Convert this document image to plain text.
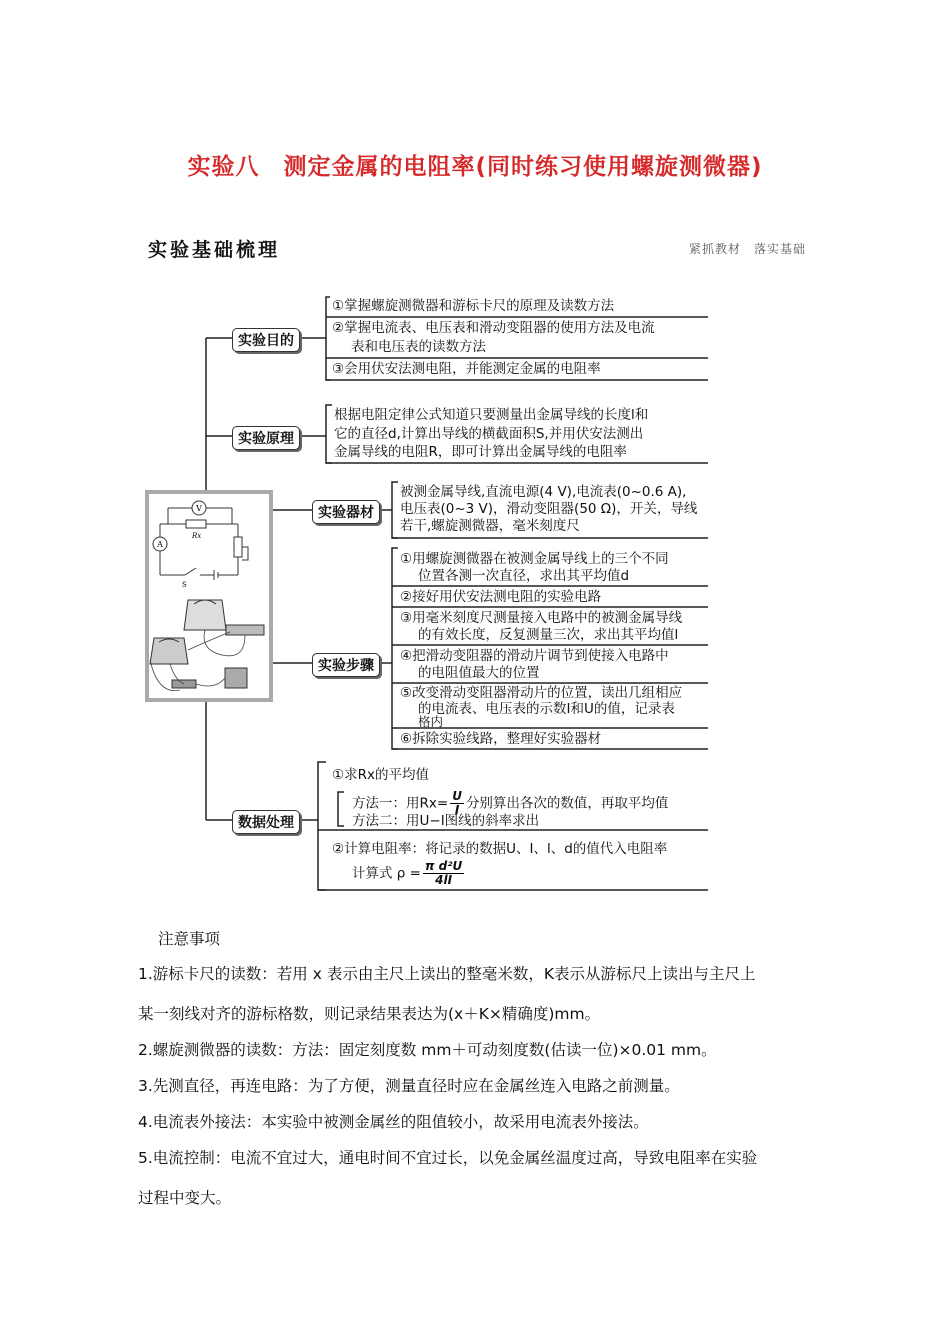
实验八　测定金属的电阻率(同时练习使用螺旋测微器)
实验基础梳理	紧抓教材　落实基础
实验目的
实验原理
实验器材
实验步骤
数据处理
①掌握螺旋测微器和游标卡尺的原理及读数方法
②掌握电流表、电压表和滑动变阻器的使用方法及电流
表和电压表的读数方法
③会用伏安法测电阻，并能测定金属的电阻率
根据电阻定律公式知道只要测量出金属导线的长度l和
它的直径d,计算出导线的横截面积S,并用伏安法测出
金属导线的电阻R，即可计算出金属导线的电阻率
被测金属导线,直流电源(4 V),电流表(0~0.6 A),
电压表(0~3 V)，滑动变阻器(50 Ω)，开关，导线
若干,螺旋测微器，毫米刻度尺
①用螺旋测微器在被测金属导线上的三个不同
位置各测一次直径，求出其平均值d
②接好用伏安法测电阻的实验电路
③用毫米刻度尺测量接入电路中的被测金属导线
的有效长度，反复测量三次，求出其平均值l
④把滑动变阻器的滑动片调节到使接入电路中
的电阻值最大的位置
⑤改变滑动变阻器滑动片的位置，读出几组相应
的电流表、电压表的示数I和U的值，记录表
格内
⑥拆除实验线路，整理好实验器材
①求Rx的平均值
方法一：用$Rx= \frac{U}{I}$ 分别算出各次的数值，再取平均值
方法二：用U−I图线的斜率求出
②计算电阻率：将记录的数据U、I、l、d的值代入电阻率
计算式 $\rho = \frac{\text{π d²U}}{4lI}$
V
A
Rx
S
注意事项
1.游标卡尺的读数：若用 x 表示由主尺上读出的整毫米数，K表示从游标尺上读出与主尺上
某一刻线对齐的游标格数，则记录结果表达为(x＋K×精确度)mm。
2.螺旋测微器的读数：方法：固定刻度数 mm＋可动刻度数(估读一位)×0.01 mm。
3.先测直径，再连电路：为了方便，测量直径时应在金属丝连入电路之前测量。
4.电流表外接法：本实验中被测金属丝的阻值较小，故采用电流表外接法。
5.电流控制：电流不宜过大，通电时间不宜过长，以免金属丝温度过高，导致电阻率在实验
过程中变大。
